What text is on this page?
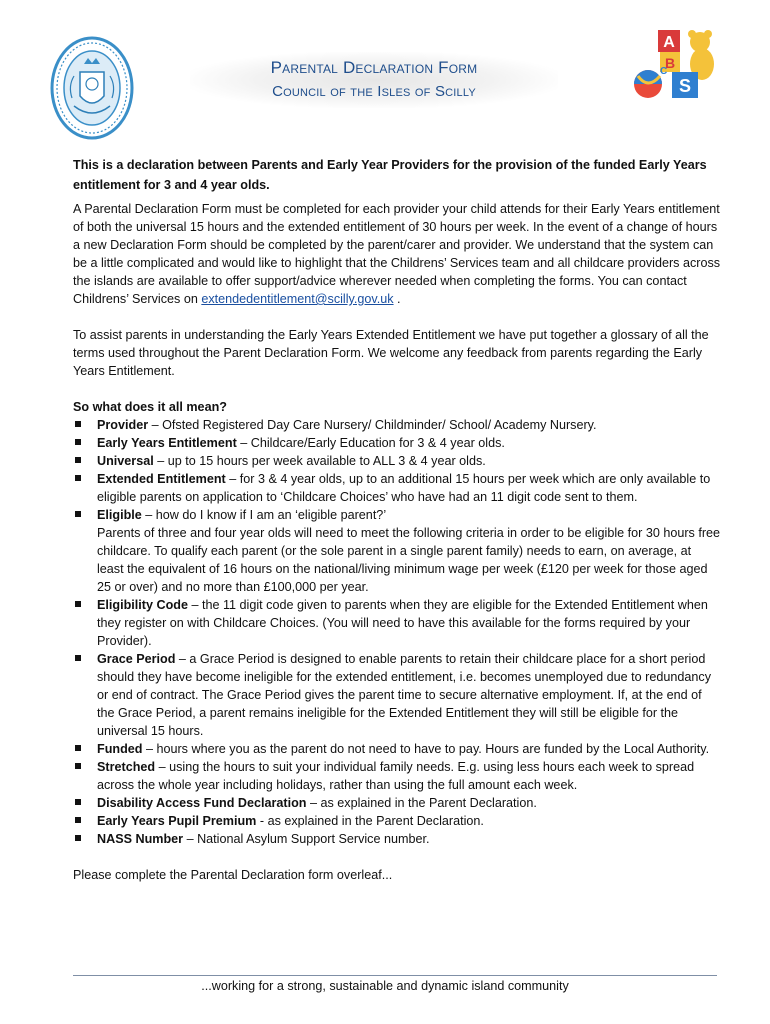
Parental Declaration Form
Council of the Isles of Scilly
A
B
S
C

This is a declaration between Parents and Early Year Providers for the provision of the funded Early Years entitlement for 3 and 4 year olds.

A Parental Declaration Form must be completed for each provider your child attends for their Early Years entitlement of both the universal 15 hours and the extended entitlement of 30 hours per week. In the event of a change of hours a new Declaration Form should be completed by the parent/carer and provider. We understand that the system can be a little complicated and would like to highlight that the Childrens’ Services team and all childcare providers across the islands are available to offer support/advice wherever needed when completing the forms. You can contact Childrens’ Services on extendedentitlement@scilly.gov.uk .

To assist parents in understanding the Early Years Extended Entitlement we have put together a glossary of all the terms used throughout the Parent Declaration Form. We welcome any feedback from parents regarding the Early Years Entitlement.

So what does it all mean?

Provider – Ofsted Registered Day Care Nursery/ Childminder/ School/ Academy Nursery.
Early Years Entitlement – Childcare/Early Education for 3 & 4 year olds.
Universal – up to 15 hours per week available to ALL 3 & 4 year olds.
Extended Entitlement – for 3 & 4 year olds, up to an additional 15 hours per week which are only available to eligible parents on application to ‘Childcare Choices’ who have had an 11 digit code sent to them.
Eligible – how do I know if I am an ‘eligible parent?’
Parents of three and four year olds will need to meet the following criteria in order to be eligible for 30 hours free childcare. To qualify each parent (or the sole parent in a single parent family) needs to earn, on average, at least the equivalent of 16 hours on the national/living minimum wage per week (£120 per week for those aged 25 or over) and no more than £100,000 per year.
Eligibility Code – the 11 digit code given to parents when they are eligible for the Extended Entitlement when they register on with Childcare Choices. (You will need to have this available for the forms required by your Provider).
Grace Period – a Grace Period is designed to enable parents to retain their childcare place for a short period should they have become ineligible for the extended entitlement, i.e. becomes unemployed due to redundancy or end of contract. The Grace Period gives the parent time to secure alternative employment. If, at the end of the Grace Period, a parent remains ineligible for the Extended Entitlement they will still be eligible for the universal 15 hours.
Funded – hours where you as the parent do not need to have to pay. Hours are funded by the Local Authority.
Stretched – using the hours to suit your individual family needs. E.g. using less hours each week to spread across the whole year including holidays, rather than using the full amount each week.
Disability Access Fund Declaration – as explained in the Parent Declaration.
Early Years Pupil Premium - as explained in the Parent Declaration.
NASS Number – National Asylum Support Service number.

Please complete the Parental Declaration form overleaf...

...working for a strong, sustainable and dynamic island community
